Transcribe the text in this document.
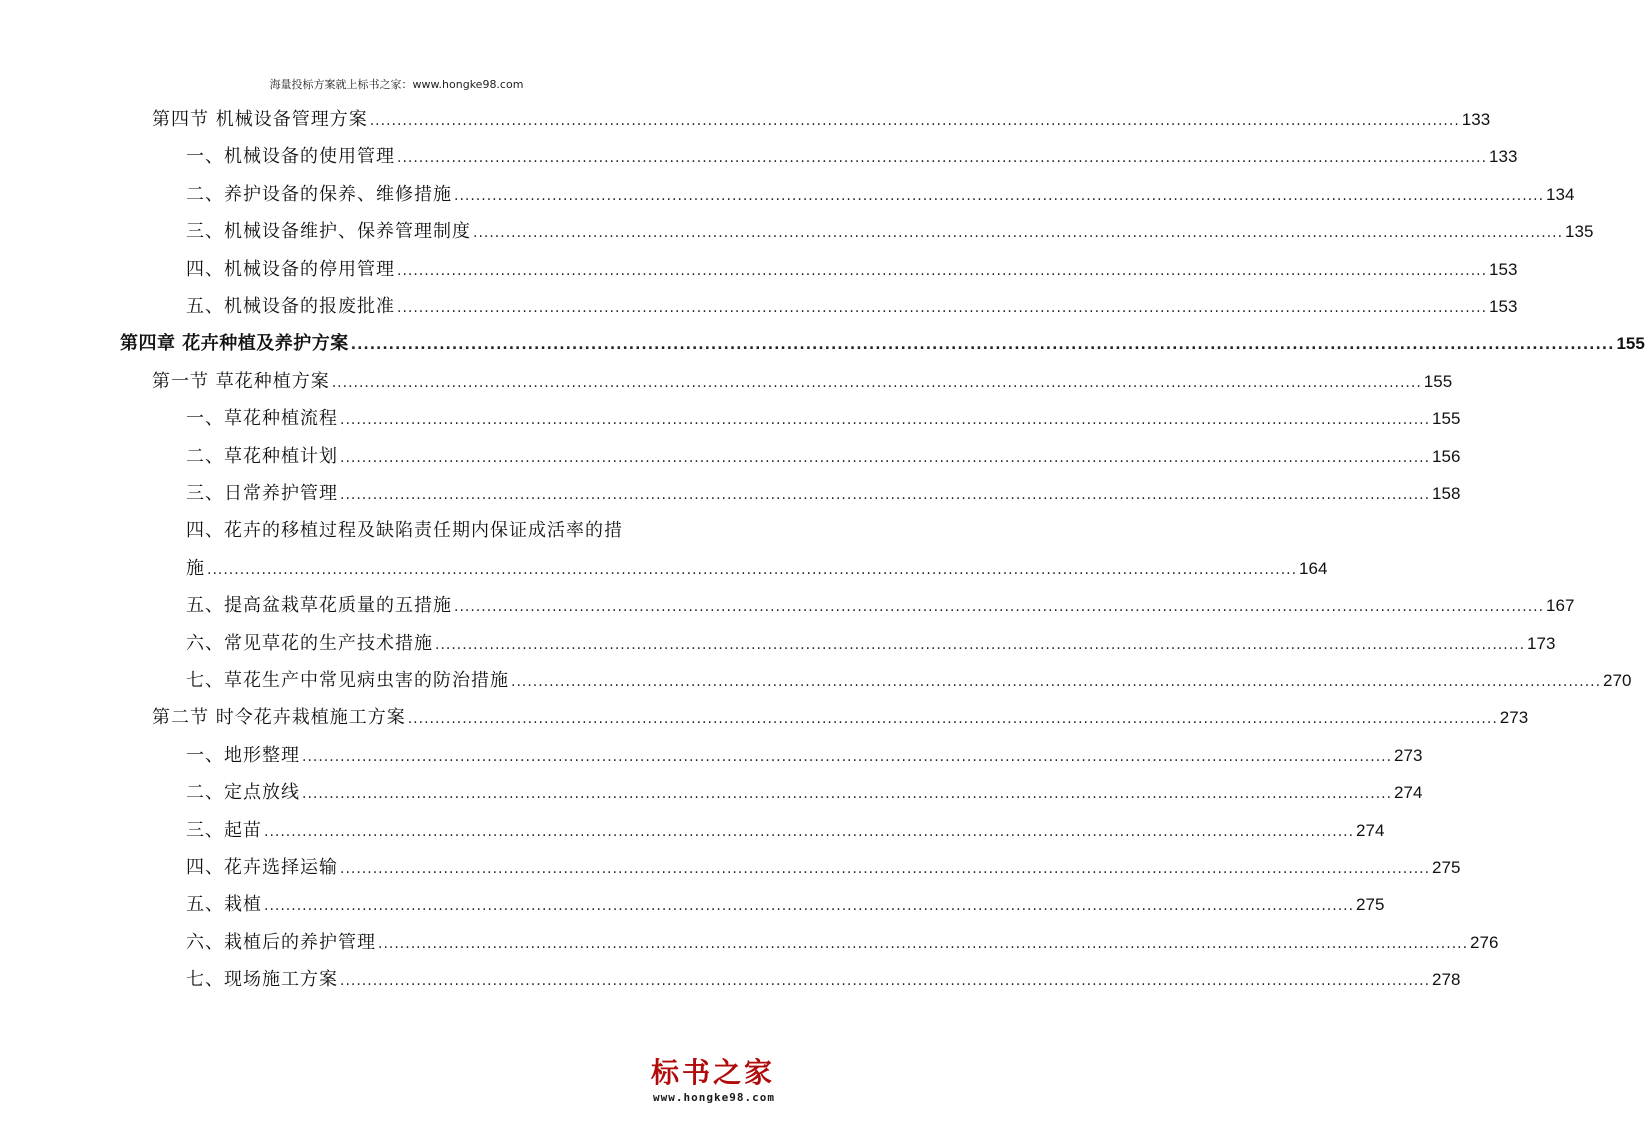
海量投标方案就上标书之家：www.hongke98.com
第四节 机械设备管理方案 ........................................................................................................................................................................................................ 133
一、机械设备的使用管理 ........................................................................................................................................................................................................ 133
二、养护设备的保养、维修措施 ........................................................................................................................................................................................................ 134
三、机械设备维护、保养管理制度 ........................................................................................................................................................................................................ 135
四、机械设备的停用管理 ........................................................................................................................................................................................................ 153
五、机械设备的报废批准 ........................................................................................................................................................................................................ 153
第四章 花卉种植及养护方案 ........................................................................................................................................................................................................ 155
第一节 草花种植方案 ........................................................................................................................................................................................................ 155
一、草花种植流程 ........................................................................................................................................................................................................ 155
二、草花种植计划 ........................................................................................................................................................................................................ 156
三、日常养护管理 ........................................................................................................................................................................................................ 158
四、花卉的移植过程及缺陷责任期内保证成活率的措
施 ........................................................................................................................................................................................................ 164
五、提高盆栽草花质量的五措施 ........................................................................................................................................................................................................ 167
六、常见草花的生产技术措施 ........................................................................................................................................................................................................ 173
七、草花生产中常见病虫害的防治措施 ........................................................................................................................................................................................................ 270
第二节 时令花卉栽植施工方案 ........................................................................................................................................................................................................ 273
一、地形整理 ........................................................................................................................................................................................................ 273
二、定点放线 ........................................................................................................................................................................................................ 274
三、起苗 ........................................................................................................................................................................................................ 274
四、花卉选择运输 ........................................................................................................................................................................................................ 275
五、栽植 ........................................................................................................................................................................................................ 275
六、栽植后的养护管理 ........................................................................................................................................................................................................ 276
七、现场施工方案 ........................................................................................................................................................................................................ 278
标书之家
www.hongke98.com
